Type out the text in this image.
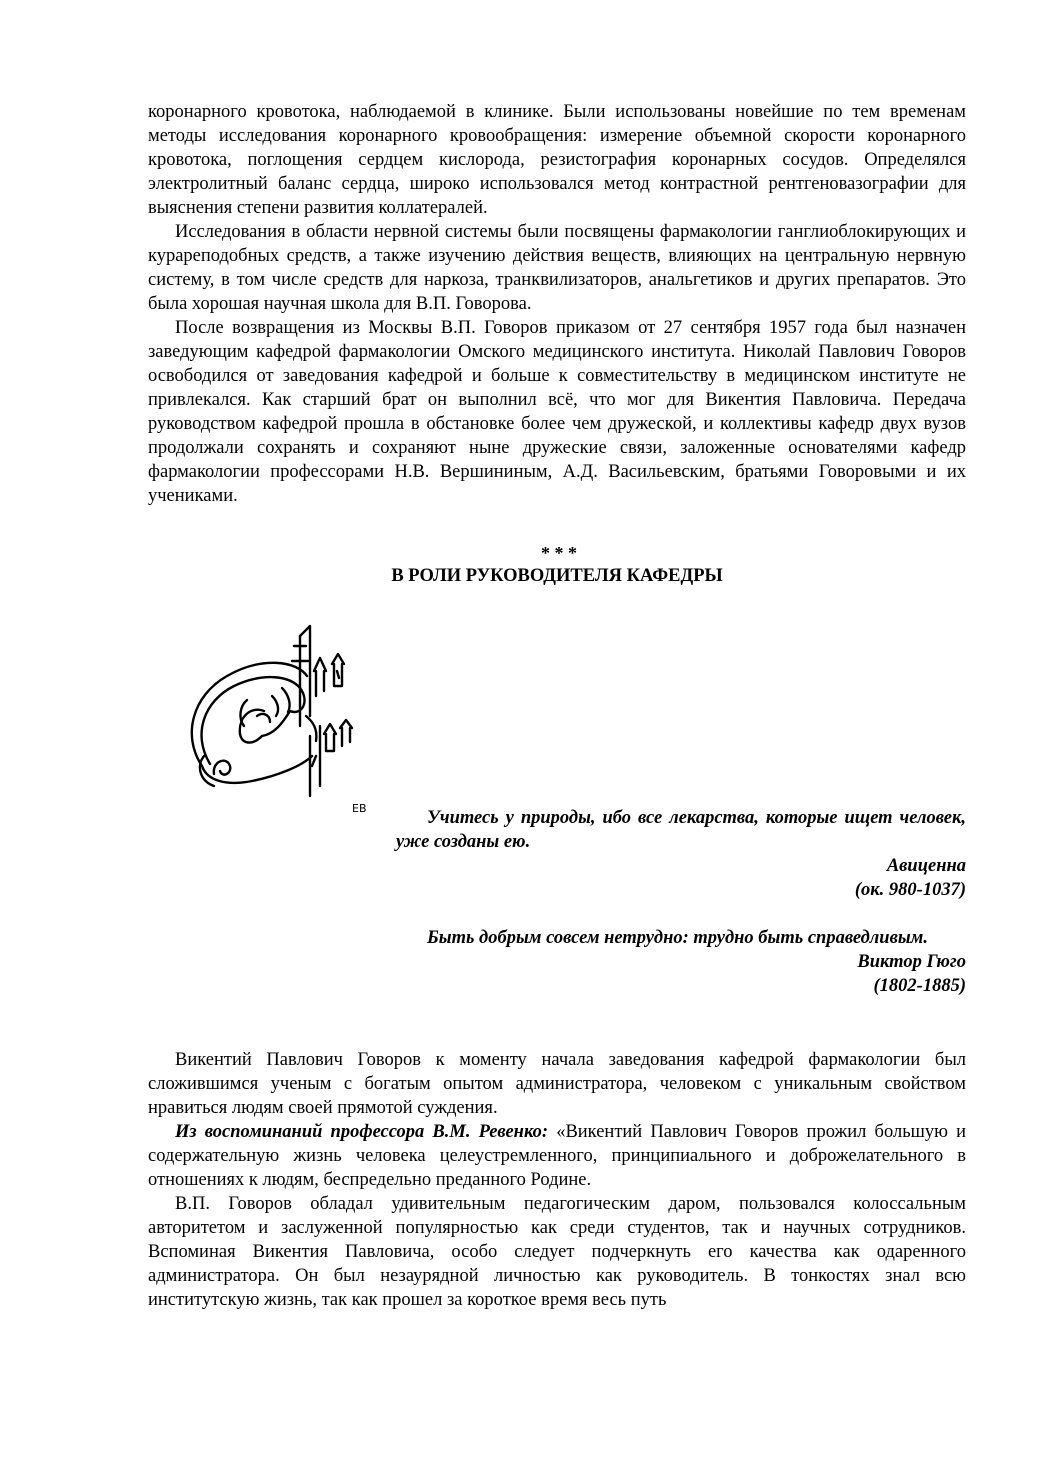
коронарного кровотока, наблюдаемой в клинике. Были использованы новейшие по тем временам методы исследования коронарного кровообращения: измерение объемной скорости коронарного кровотока, поглощения сердцем кислорода, резистография коронарных сосудов. Определялся электролитный баланс сердца, широко использовался метод контрастной рентгеновазографии для выяснения степени развития коллатералей.

Исследования в области нервной системы были посвящены фармакологии ганглиоблокирующих и курареподобных средств, а также изучению действия веществ, влияющих на центральную нервную систему, в том числе средств для наркоза, транквилизаторов, анальгетиков и других препаратов. Это была хорошая научная школа для В.П. Говорова.

После возвращения из Москвы В.П. Говоров приказом от 27 сентября 1957 года был назначен заведующим кафедрой фармакологии Омского медицинского института. Николай Павлович Говоров освободился от заведования кафедрой и больше к совместительству в медицинском институте не привлекался. Как старший брат он выполнил всё, что мог для Викентия Павловича. Передача руководством кафедрой прошла в обстановке более чем дружеской, и коллективы кафедр двух вузов продолжали сохранять и сохраняют ныне дружеские связи, заложенные основателями кафедр фармакологии профессорами Н.В. Вершининым, А.Д. Васильевским, братьями Говоровыми и их учениками.

* * *
В РОЛИ РУКОВОДИТЕЛЯ КАФЕДРЫ
ЕВ	Учитесь у природы, ибо все лекарства, которые ищет человек, уже созданы ею.

Авиценна

(ок. 980-1037)

Быть добрым совсем нетрудно: трудно быть справедливым.

Виктор Гюго

(1802-1885)

Викентий Павлович Говоров к моменту начала заведования кафедрой фармакологии был сложившимся ученым с богатым опытом администратора, человеком с уникальным свойством нравиться людям своей прямотой суждения.

Из воспоминаний профессора В.М. Ревенко: «Викентий Павлович Говоров прожил большую и содержательную жизнь человека целеустремленного, принципиального и доброжелательного в отношениях к людям, беспредельно преданного Родине.

В.П. Говоров обладал удивительным педагогическим даром, пользовался колоссальным авторитетом и заслуженной популярностью как среди студентов, так и научных сотрудников. Вспоминая Викентия Павловича, особо следует подчеркнуть его качества как одаренного администратора. Он был незаурядной личностью как руководитель. В тонкостях знал всю институтскую жизнь, так как прошел за короткое время весь путь
